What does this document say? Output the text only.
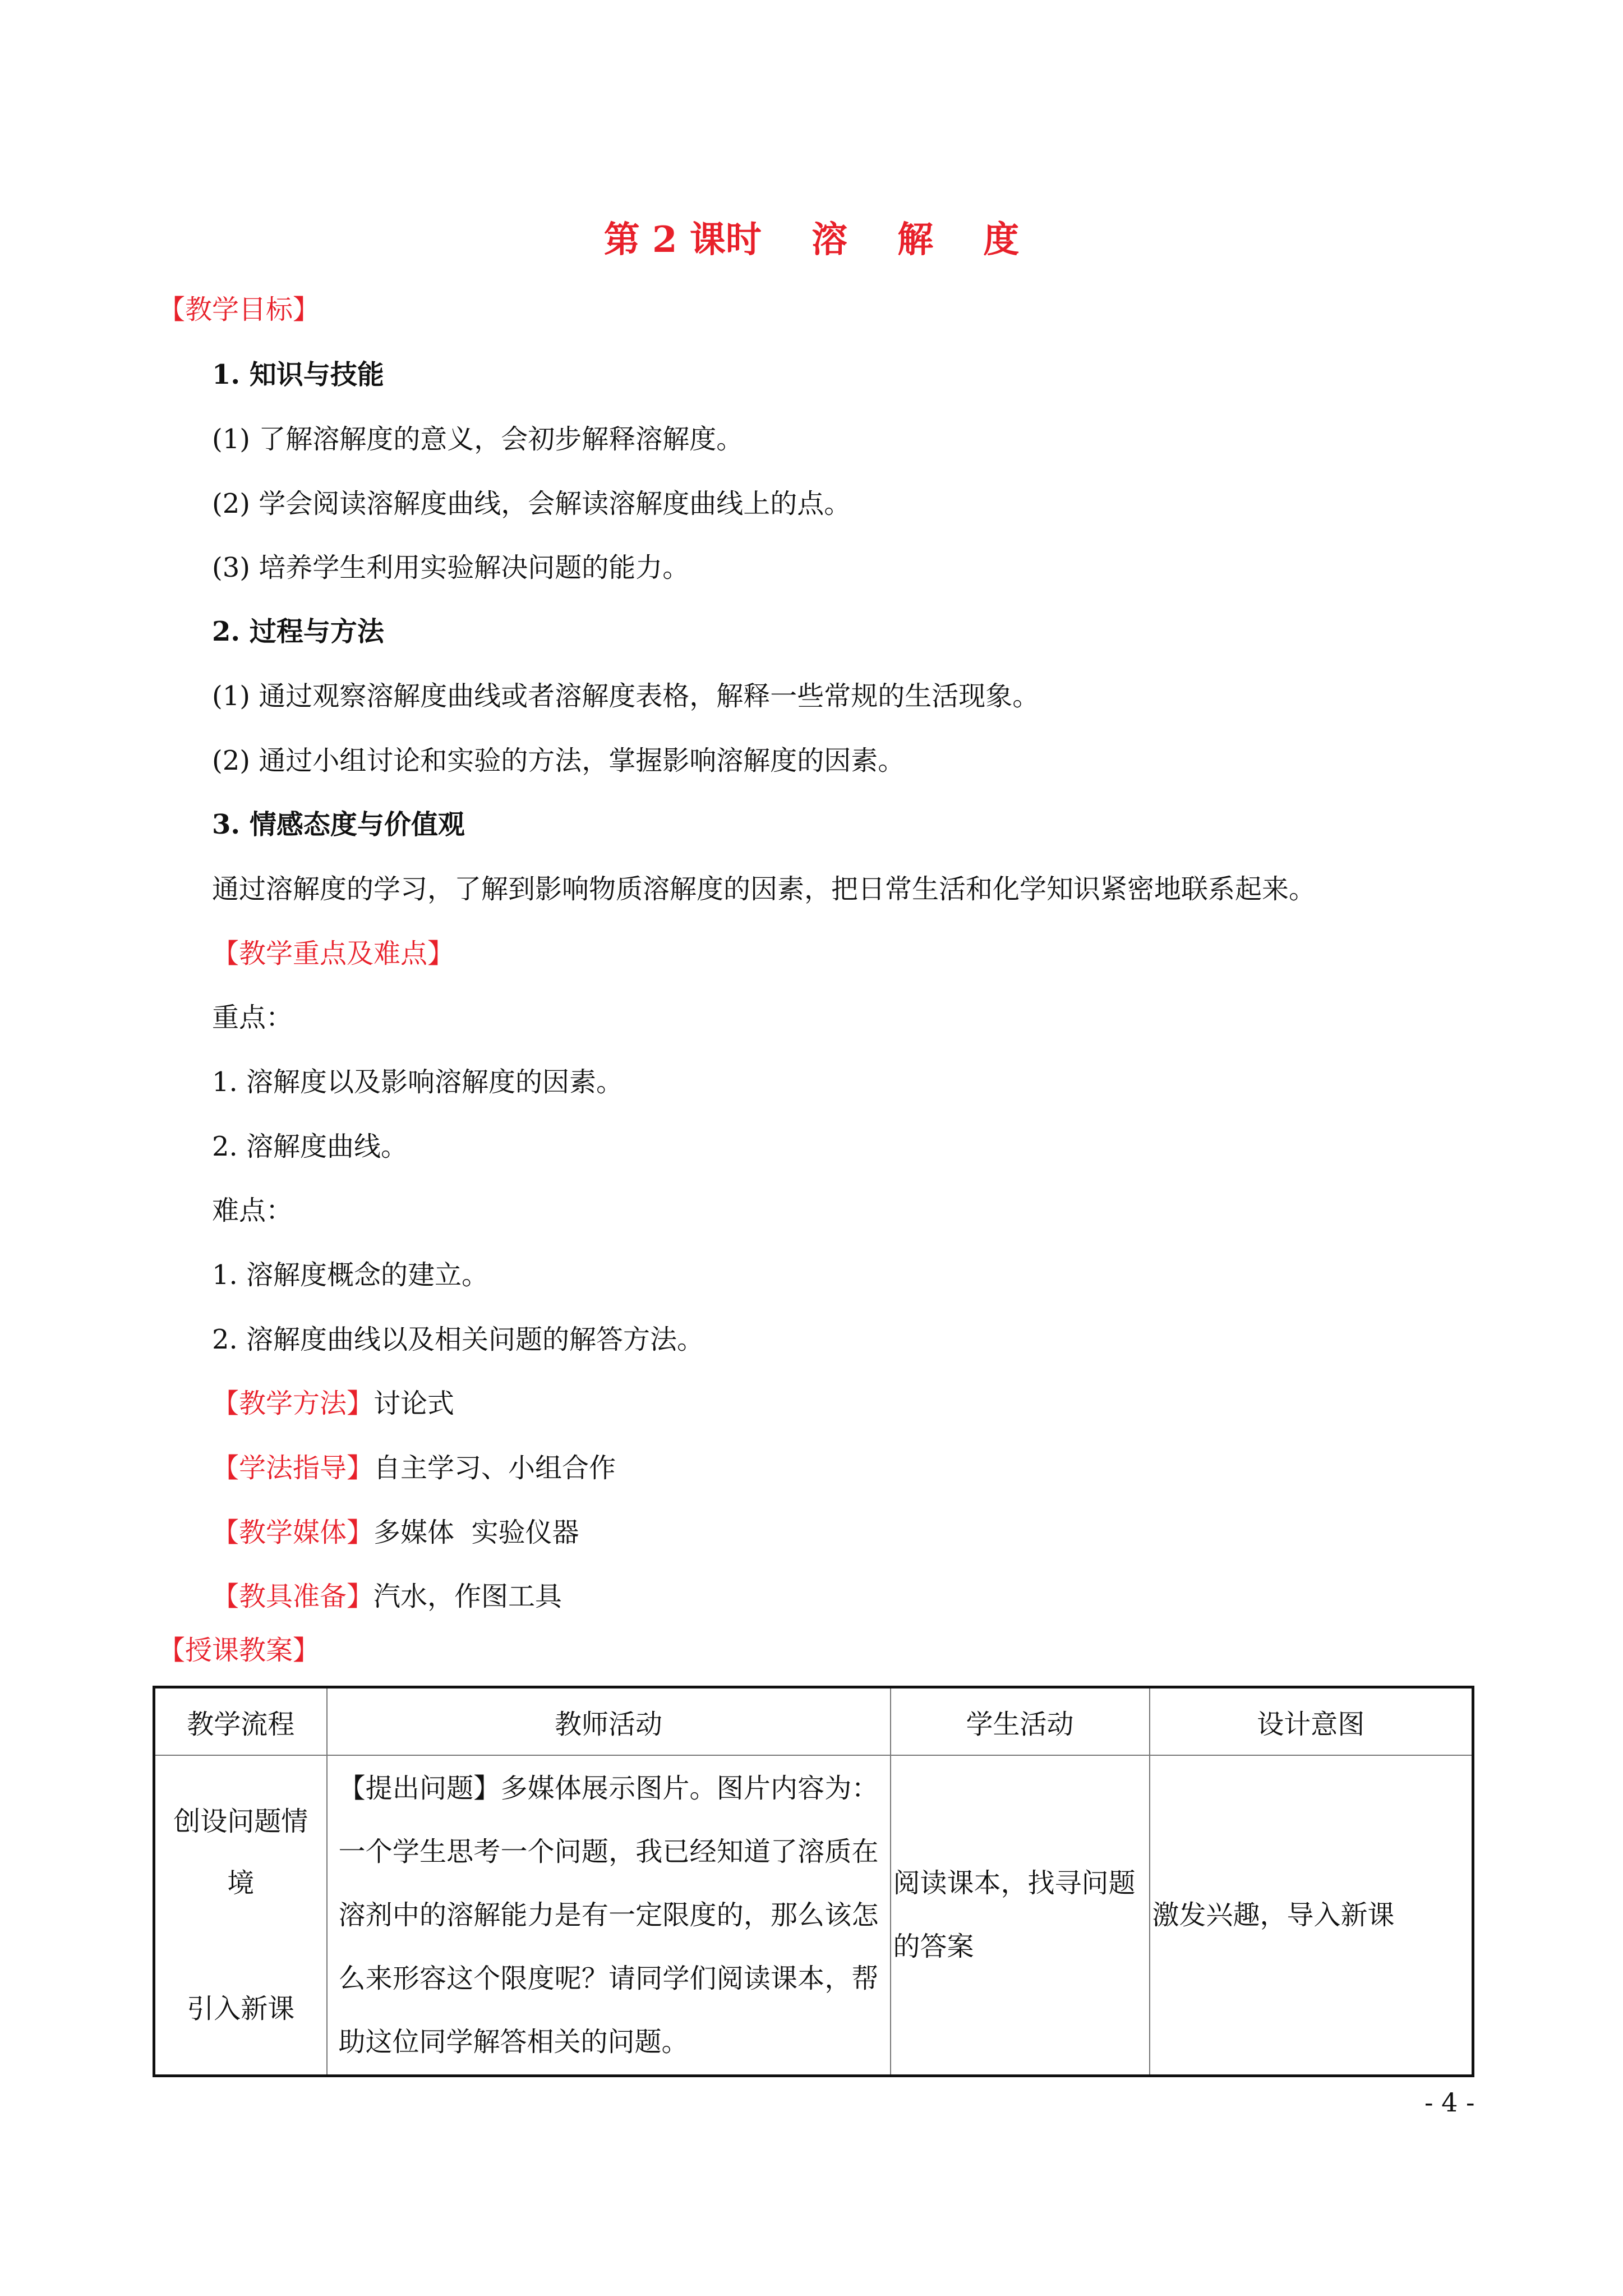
第 2 课时    溶    解    度
【教学目标】
1. 知识与技能
(1) 了解溶解度的意义，会初步解释溶解度。
(2) 学会阅读溶解度曲线，会解读溶解度曲线上的点。
(3) 培养学生利用实验解决问题的能力。
2. 过程与方法
(1) 通过观察溶解度曲线或者溶解度表格，解释一些常规的生活现象。
(2) 通过小组讨论和实验的方法，掌握影响溶解度的因素。
3. 情感态度与价值观
通过溶解度的学习，了解到影响物质溶解度的因素，把日常生活和化学知识紧密地联系起来。
【教学重点及难点】
重点：
1. 溶解度以及影响溶解度的因素。
2. 溶解度曲线。
难点：
1. 溶解度概念的建立。
2. 溶解度曲线以及相关问题的解答方法。
【教学方法】讨论式
【学法指导】自主学习、小组合作
【教学媒体】多媒体  实验仪器
【教具准备】汽水，作图工具
【授课教案】
教学流程	教师活动	学生活动	设计意图

创设问题情
境
引入新课	【提出问题】多媒体展示图片。图片内容为：一个学生思考一个问题，我已经知道了溶质在溶剂中的溶解能力是有一定限度的，那么该怎么来形容这个限度呢？请同学们阅读课本，帮助这位同学解答相关的问题。	阅读课本，找寻问题的答案	激发兴趣，导入新课
- 4 -
